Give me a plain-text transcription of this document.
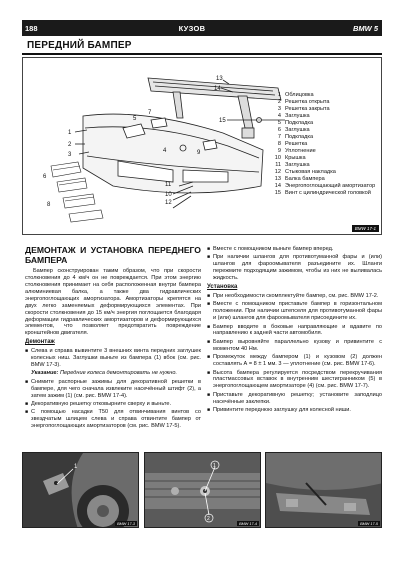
188	КУЗОВ	BMW 5
ПЕРЕДНИЙ БАМПЕР
13
14
15
1
2
3
4
5
6
7
8
9
10
11
12
BMW 17-1
1 Облицовка
2 Решетка открыта
3 Решетка закрыта
4 Заглушка
5 Подкладка
6 Заглушка
7 Подкладка
8 Решетка
9 Уплотнение
10 Крышка
11 Заглушка
12 Стыковая накладка
13 Балка бампера
14 Энергопоглощающий амортизатор
15 Винт с цилиндрической головкой
ДЕМОНТАЖ И УСТАНОВКА ПЕРЕДНЕГО БАМПЕРА
Бампер сконструирован таким образом, что при скорости столкновения до 4 км/ч он не повреждается. При этом энергию столкновения принимает на себя расположенная внутри бампера алюминиевая балка, а также два гидравлических энергопоглощающих амортизатора. Амортизаторы крепятся на двух легко заменяемых деформирующихся элементах. При скорости столкновения до 15 км/ч энергия поглощается благодаря деформации гидравлических амортизаторов и деформирующихся элементов, что позволяет предотвратить повреждение кронштейнов двигателя.
Демонтаж
■ Слева и справа вывинтите 3 внешних винта передних заглушек колесных ниш. Заглушки выньте из бампера (1) вбок (см. рис. BMW 17-3).
Указание: Передние колеса демонтировать не нужно.
■ Снимите распорные зажимы для декоративной решетки в бампере, для чего сначала извлеките насечённый штифт (2), а затем зажим (1) (см. рис. BMW 17-4).
■ Декоративную решетку отковырните сверху и выньте.
■ С помощью насадки T50 для отвинчивания винтов со звездчатым шлицем слева и справа отвинтите бампер от энергопоглощающих амортизаторов (см. рис. BMW 17-5).
■ Вместе с помощником выньте бампер вперед.
■ При наличии шлангов для противотуманной фары и (или) шлангов для фароомывателя разъедините их. Шланги пережмите подходящим зажимом, чтобы из них не выливалась жидкость.
Установка
■ При необходимости скомплектуйте бампер, см. рис. BMW 17-2.
■ Вместе с помощником приставьте бампер в горизонтальном положении. При наличии штепселя для противотуманной фары и (или) шлангов для фароомывателя присоедините их.
■ Бампер вводите в боковые направляющие и вдавите по направлению к задней части автомобиля.
■ Бампер выровняйте параллельно кузову и привинтите с моментом 40 Нм.
■ Промежуток между бампером (1) и кузовом (2) должен составлять А = 8 ± 1 мм. 3 — уплотнение (см. рис. BMW 17-6).
■ Высота бампера регулируется посредством перекручивания пластмассовых вставок в внутренним шестигранником (5) в энергопоглощающем амортизаторе (4) (см. рис. BMW 17-7).
■ Приставьте декоративную решетку; установите заподлицо насечённые заклепки.
■ Привинтите переднюю заглушку для колесной ниши.
1
BMW 17-3
1
2
BMW 17-4	BMW 17-5
